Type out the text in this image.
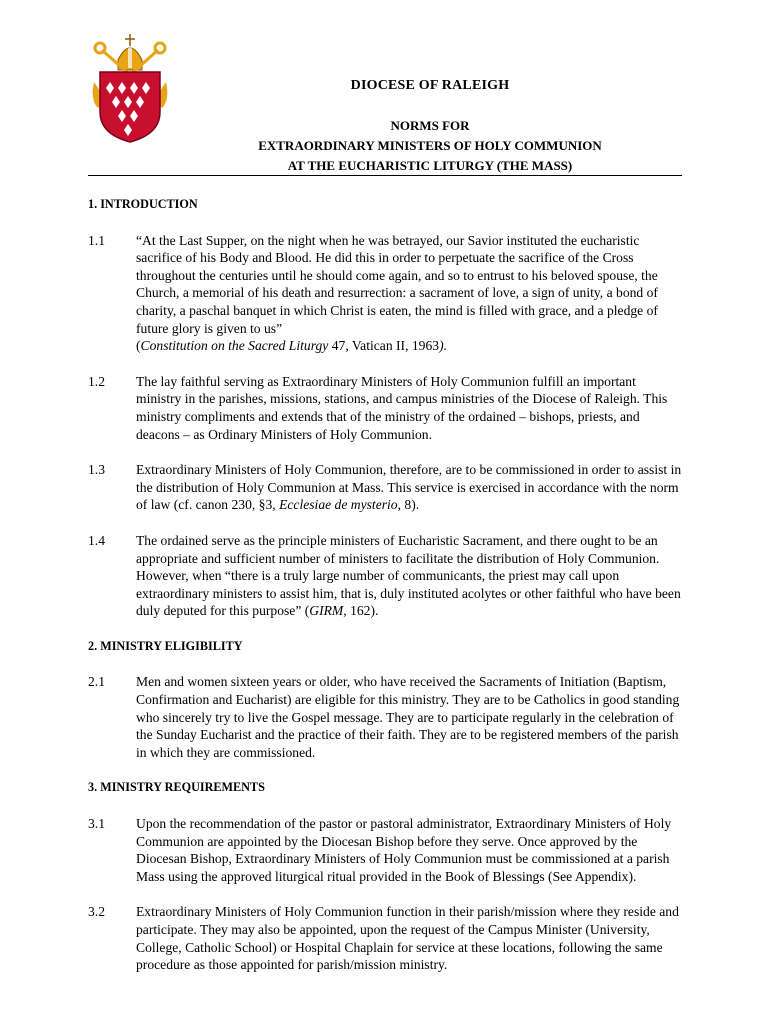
DIOCESE OF RALEIGH
NORMS FOR
EXTRAORDINARY MINISTERS OF HOLY COMMUNION
AT THE EUCHARISTIC LITURGY (THE MASS)
1. INTRODUCTION
1.1	“At the Last Supper, on the night when he was betrayed, our Savior instituted the eucharistic sacrifice of his Body and Blood. He did this in order to perpetuate the sacrifice of the Cross throughout the centuries until he should come again, and so to entrust to his beloved spouse, the Church, a memorial of his death and resurrection: a sacrament of love, a sign of unity, a bond of charity, a paschal banquet in which Christ is eaten, the mind is filled with grace, and a pledge of future glory is given to us”
(Constitution on the Sacred Liturgy 47, Vatican II, 1963).
1.2	The lay faithful serving as Extraordinary Ministers of Holy Communion fulfill an important ministry in the parishes, missions, stations, and campus ministries of the Diocese of Raleigh. This ministry compliments and extends that of the ministry of the ordained – bishops, priests, and deacons – as Ordinary Ministers of Holy Communion.
1.3	Extraordinary Ministers of Holy Communion, therefore, are to be commissioned in order to assist in the distribution of Holy Communion at Mass. This service is exercised in accordance with the norm of law (cf. canon 230, §3, Ecclesiae de mysterio, 8).
1.4	The ordained serve as the principle ministers of Eucharistic Sacrament, and there ought to be an appropriate and sufficient number of ministers to facilitate the distribution of Holy Communion. However, when “there is a truly large number of communicants, the priest may call upon extraordinary ministers to assist him, that is, duly instituted acolytes or other faithful who have been duly deputed for this purpose” (GIRM, 162).
2. MINISTRY ELIGIBILITY
2.1	Men and women sixteen years or older, who have received the Sacraments of Initiation (Baptism, Confirmation and Eucharist) are eligible for this ministry. They are to be Catholics in good standing who sincerely try to live the Gospel message. They are to participate regularly in the celebration of the Sunday Eucharist and the practice of their faith. They are to be registered members of the parish in which they are commissioned.
3. MINISTRY REQUIREMENTS
3.1	Upon the recommendation of the pastor or pastoral administrator, Extraordinary Ministers of Holy Communion are appointed by the Diocesan Bishop before they serve. Once approved by the Diocesan Bishop, Extraordinary Ministers of Holy Communion must be commissioned at a parish Mass using the approved liturgical ritual provided in the Book of Blessings (See Appendix).
3.2	Extraordinary Ministers of Holy Communion function in their parish/mission where they reside and participate. They may also be appointed, upon the request of the Campus Minister (University, College, Catholic School) or Hospital Chaplain for service at these locations, following the same procedure as those appointed for parish/mission ministry.
